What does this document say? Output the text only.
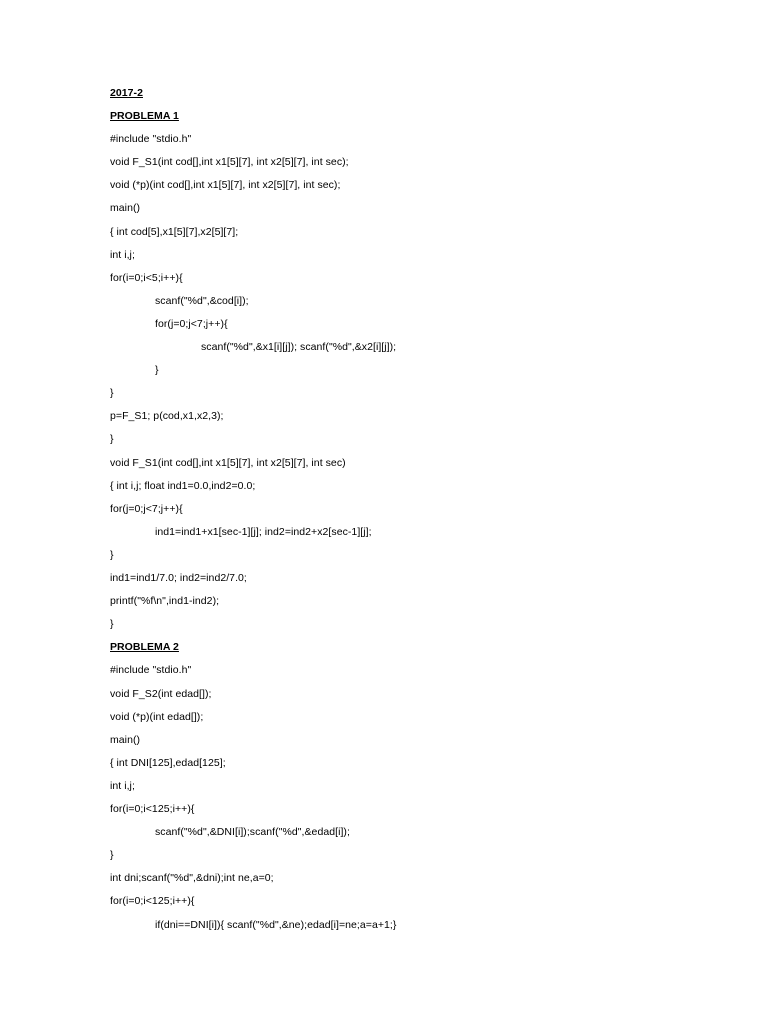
2017-2
PROBLEMA 1
#include "stdio.h"
void F_S1(int cod[],int x1[5][7], int x2[5][7], int sec);
void (*p)(int cod[],int x1[5][7], int x2[5][7], int sec);
main()
{ int cod[5],x1[5][7],x2[5][7];
int i,j;
for(i=0;i<5;i++){
scanf("%d",&cod[i]);
for(j=0;j<7;j++){
scanf("%d",&x1[i][j]); scanf("%d",&x2[i][j]);
}
}
p=F_S1; p(cod,x1,x2,3);
}
void F_S1(int cod[],int x1[5][7], int x2[5][7], int sec)
{ int i,j; float ind1=0.0,ind2=0.0;
for(j=0;j<7;j++){
ind1=ind1+x1[sec-1][j]; ind2=ind2+x2[sec-1][j];
}
ind1=ind1/7.0; ind2=ind2/7.0;
printf("%f\n",ind1-ind2);
}
PROBLEMA 2
#include "stdio.h"
void F_S2(int edad[]);
void (*p)(int edad[]);
main()
{ int DNI[125],edad[125];
int i,j;
for(i=0;i<125;i++){
scanf("%d",&DNI[i]);scanf("%d",&edad[i]);
}
int dni;scanf("%d",&dni);int ne,a=0;
for(i=0;i<125;i++){
if(dni==DNI[i]){ scanf("%d",&ne);edad[i]=ne;a=a+1;}
